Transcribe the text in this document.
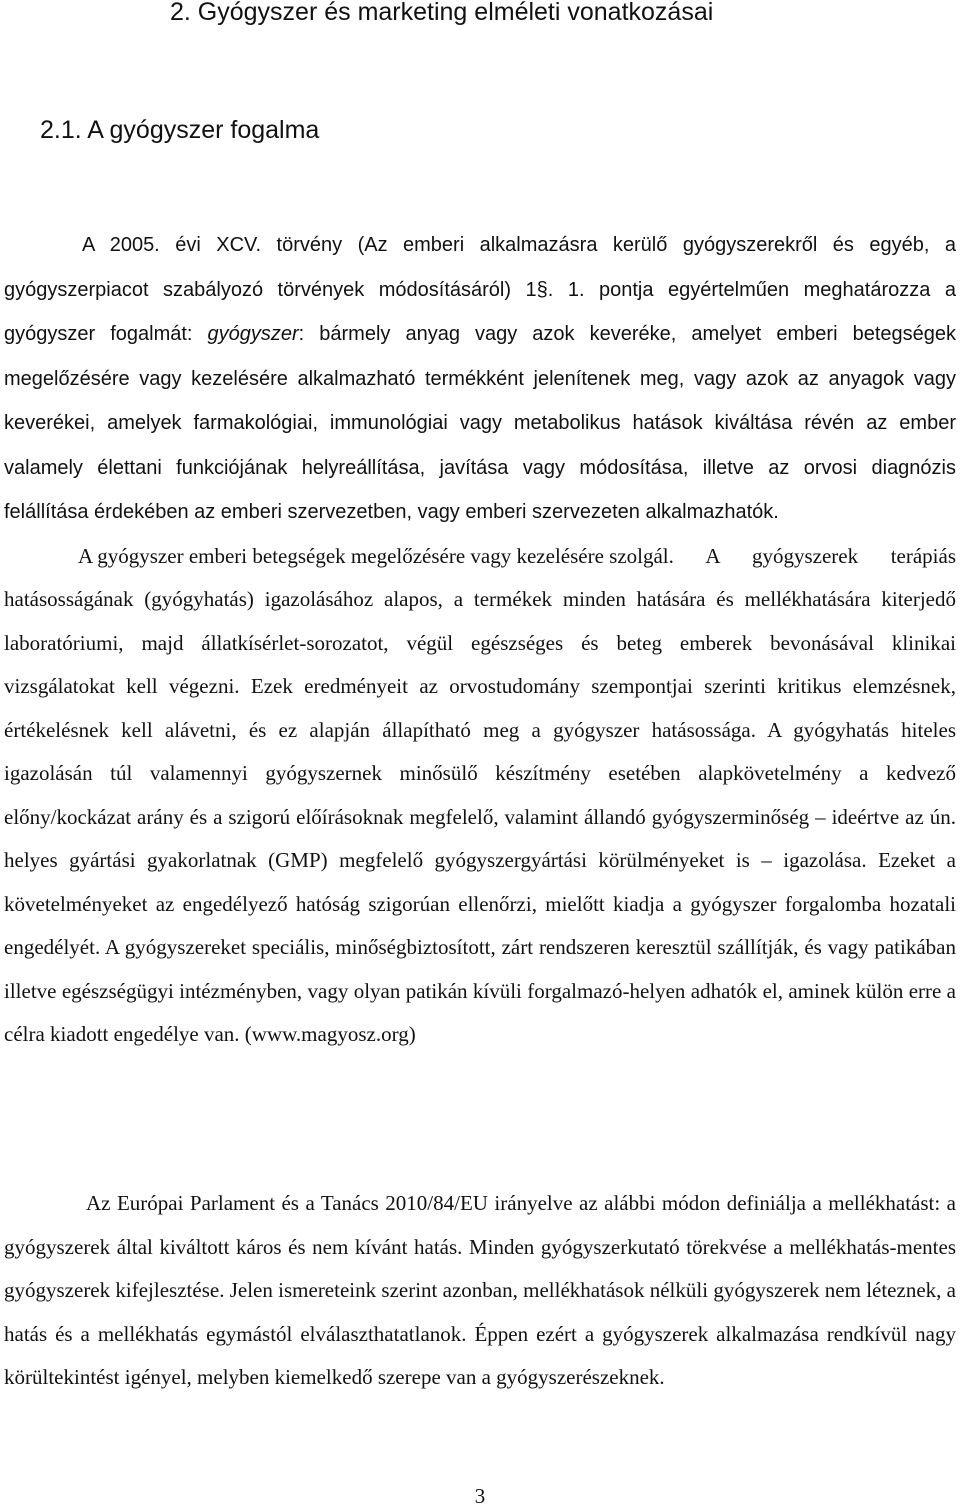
2. Gyógyszer és marketing elméleti vonatkozásai
2.1. A gyógyszer fogalma

A 2005. évi XCV. törvény (Az emberi alkalmazásra kerülő gyógyszerekről és egyéb, a gyógyszerpiacot szabályozó törvények módosításáról) 1§. 1. pontja egyértelműen meghatározza a gyógyszer fogalmát: gyógyszer: bármely anyag vagy azok keveréke, amelyet emberi betegségek megelőzésére vagy kezelésére alkalmazható termékként jelenítenek meg, vagy azok az anyagok vagy keverékei, amelyek farmakológiai, immunológiai vagy metabolikus hatások kiváltása révén az ember valamely élettani funkciójának helyreállítása, javítása vagy módosítása, illetve az orvosi diagnózis felállítása érdekében az emberi szervezetben, vagy emberi szervezeten alkalmazhatók.
A gyógyszer emberi betegségek megelőzésére vagy kezelésére szolgál. A gyógyszerek terápiás hatásosságának (gyógyhatás) igazolásához alapos, a termékek minden hatására és mellékhatására kiterjedő laboratóriumi, majd állatkísérlet-sorozatot, végül egészséges és beteg emberek bevonásával klinikai vizsgálatokat kell végezni. Ezek eredményeit az orvostudomány szempontjai szerinti kritikus elemzésnek, értékelésnek kell alávetni, és ez alapján állapítható meg a gyógyszer hatásossága. A gyógyhatás hiteles igazolásán túl valamennyi gyógyszernek minősülő készítmény esetében alapkövetelmény a kedvező előny/kockázat arány és a szigorú előírásoknak megfelelő, valamint állandó gyógyszerminőség – ideértve az ún. helyes gyártási gyakorlatnak (GMP) megfelelő gyógyszergyártási körülményeket is – igazolása. Ezeket a követelményeket az engedélyező hatóság szigorúan ellenőrzi, mielőtt kiadja a gyógyszer forgalomba hozatali engedélyét. A gyógyszereket speciális, minőségbiztosított, zárt rendszeren keresztül szállítják, és vagy patikában illetve egészségügyi intézményben, vagy olyan patikán kívüli forgalmazó-helyen adhatók el, aminek külön erre a célra kiadott engedélye van. (www.magyosz.org)

Az Európai Parlament és a Tanács 2010/84/EU irányelve az alábbi módon definiálja a mellékhatást: a gyógyszerek által kiváltott káros és nem kívánt hatás. Minden gyógyszerkutató törekvése a mellékhatás-mentes gyógyszerek kifejlesztése. Jelen ismereteink szerint azonban, mellékhatások nélküli gyógyszerek nem léteznek, a hatás és a mellékhatás egymástól elválaszthatatlanok. Éppen ezért a gyógyszerek alkalmazása rendkívül nagy körültekintést igényel, melyben kiemelkedő szerepe van a gyógyszerészeknek.

3
